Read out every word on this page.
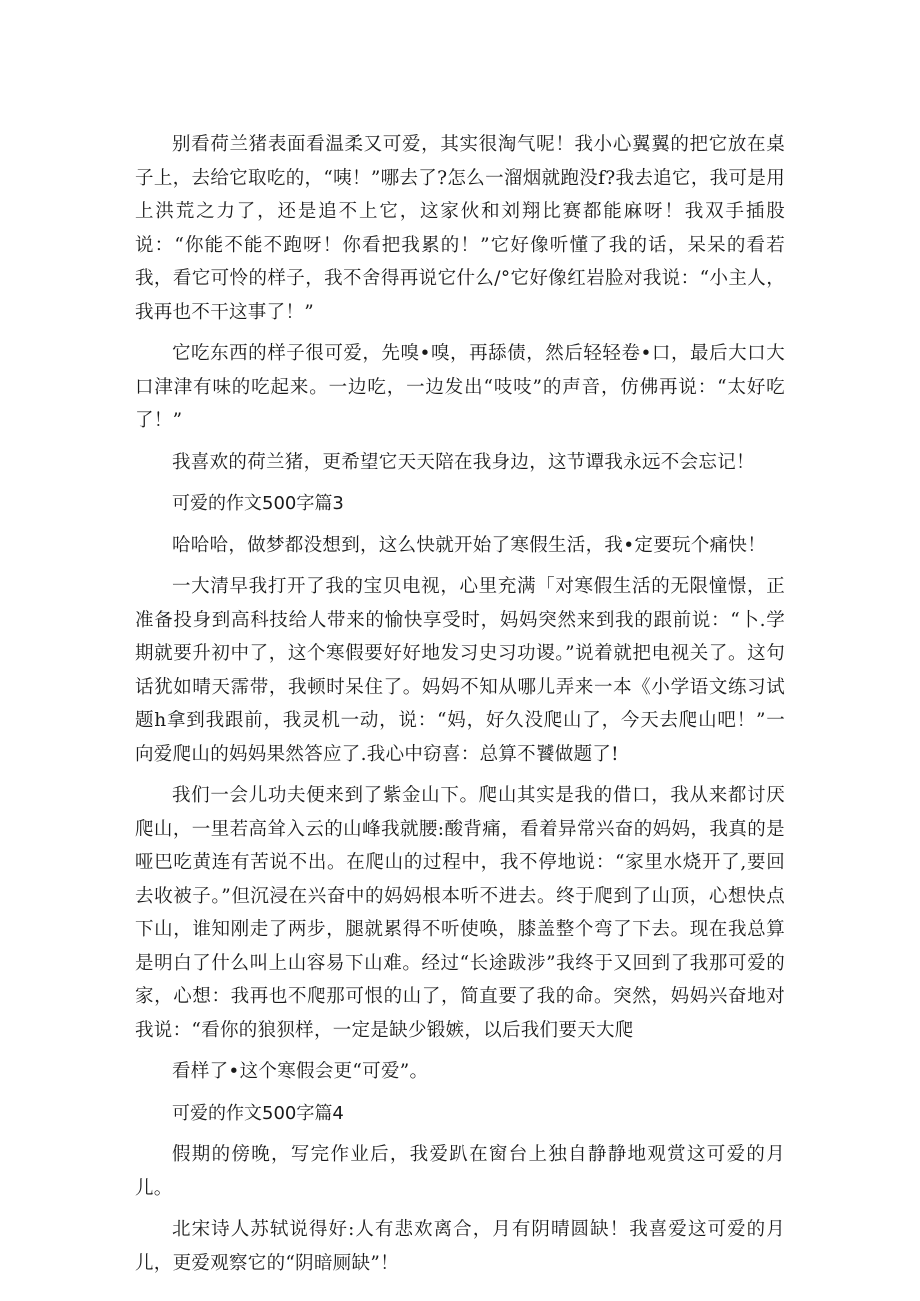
别看荷兰猪表面看温柔又可爱，其实很淘气呢！我小心翼翼的把它放在桌子上，去给它取吃的，“咦！”哪去了?怎么一溜烟就跑没f?我去追它，我可是用上洪荒之力了，还是追不上它，这家伙和刘翔比赛都能麻呀！我双手插股说：“你能不能不跑呀！你看把我累的！”它好像听懂了我的话，呆呆的看若我，看它可怜的样子，我不舍得再说它什么/°它好像红岩脸对我说：“小主人，我再也不干这事了！”

它吃东西的样子很可爱，先嗅•嗅，再舔债，然后轻轻卷•口，最后大口大口津津有味的吃起来。一边吃，一边发出“吱吱”的声音，仿佛再说：“太好吃了！”

我喜欢的荷兰猪，更希望它天天陪在我身边，这节谭我永远不会忘记！

可爱的作文500字篇3

哈哈哈，做梦都没想到，这么快就开始了寒假生活，我•定要玩个痛快！

一大清早我打开了我的宝贝电视，心里充满「对寒假生活的无限憧憬，正准备投身到高科技给人带来的愉快享受时，妈妈突然来到我的跟前说：“卜.学期就要升初中了，这个寒假要好好地发习史习功谡。”说着就把电视关了。这句话犹如晴天霈带，我顿时呆住了。妈妈不知从哪儿弄来一本《小学语文练习试题h拿到我跟前，我灵机一动，说：“妈，好久没爬山了，今天去爬山吧！”一向爱爬山的妈妈果然答应了.我心中窃喜：总算不饕做题了!

我们一会儿功夫便来到了紫金山下。爬山其实是我的借口，我从来都讨厌爬山，一里若高耸入云的山峰我就腰:酸背痛，看着异常兴奋的妈妈，我真的是哑巴吃黄连有苦说不出。在爬山的过程中，我不停地说：“家里水烧开了,要回去收被子。”但沉浸在兴奋中的妈妈根本听不进去。终于爬到了山顶，心想快点下山，谁知刚走了两步，腿就累得不听使唤，膝盖整个弯了下去。现在我总算是明白了什么叫上山容易下山难。经过“长途跋涉”我终于又回到了我那可爱的家，心想：我再也不爬那可恨的山了，简直要了我的命。突然，妈妈兴奋地对我说：“看你的狼狈样，一定是缺少锻嫉，以后我们要天大爬

看样了•这个寒假会更“可爱”。

可爱的作文500字篇4

假期的傍晚，写完作业后，我爱趴在窗台上独自静静地观赏这可爱的月儿。

北宋诗人苏轼说得好:人有悲欢离合，月有阴晴圆缺！我喜爱这可爱的月儿，更爱观察它的“阴暗厕缺”！
